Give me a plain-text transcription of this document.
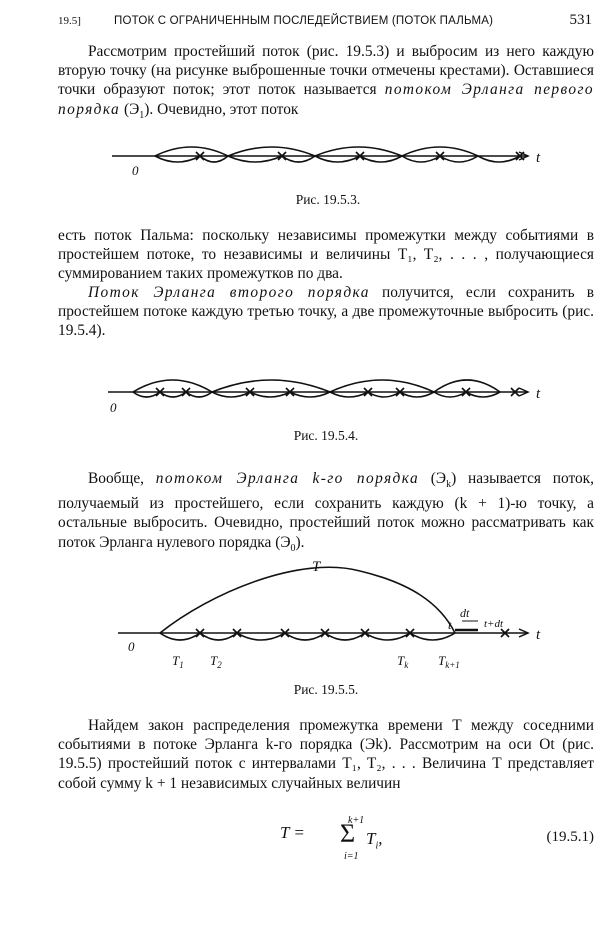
19.5]	ПОТОК С ОГРАНИЧЕННЫМ ПОСЛЕДЕЙСТВИЕМ (ПОТОК ПАЛЬМА)	531
Рассмотрим простейший поток (рис. 19.5.3) и выбросим из него каждую вторую точку (на рисунке выброшенные точки отмечены крестами). Оставшиеся точки образуют поток; этот поток называется потоком Эрланга первого порядка $(Э_1)$. Очевидно, этот поток
0
t
Рис. 19.5.3.
есть поток Пальма: поскольку независимы промежутки между событиями в простейшем потоке, то независимы и величины T₁, T₂, . . . , получающиеся суммированием таких промежутков по два.
Поток Эрланга второго порядка получится, если сохранить в простейшем потоке каждую третью точку, а две промежуточные выбросить (рис. 19.5.4).
0
t
Рис. 19.5.4.
Вообще, потоком Эрланга k-го порядка $(Э_k)$ называется поток, получаемый из простейшего, если сохранить каждую (k + 1)-ю точку, а остальные выбросить. Очевидно, простейший поток можно рассматривать как поток Эрланга нулевого порядка $(Э_0)$.
T
dt
t	t+dt
0
t
$T_1$ $T_2$	$T_k$ $T_{k+1}$
Рис. 19.5.5.
Найдем закон распределения промежутка времени T между соседними событиями в потоке Эрланга k-го порядка (Эk). Рассмотрим на оси Ot (рис. 19.5.5) простейший поток с интервалами T₁, T₂, . . . Величина T представляет собой сумму k + 1 независимых случайных величин
T =
k+1
Σ
i=1
$T_i$,	(19.5.1)
